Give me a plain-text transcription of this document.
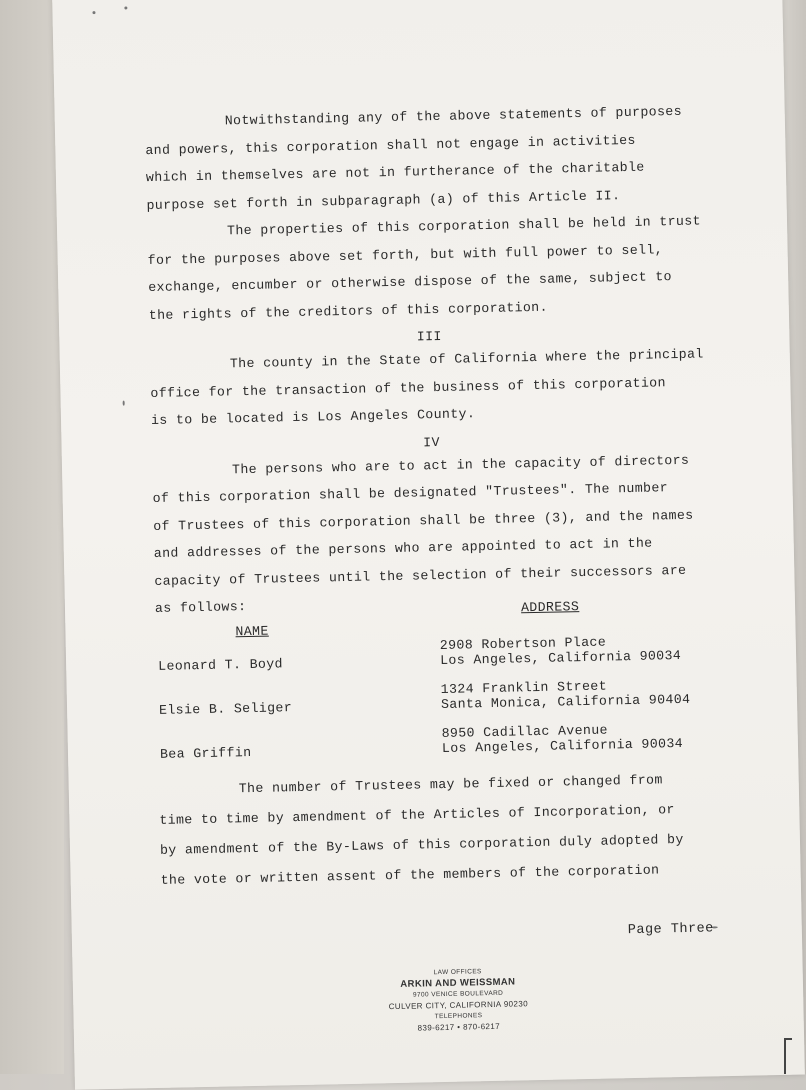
Notwithstanding any of the above statements of purposes
and powers, this corporation shall not engage in activities
which in themselves are not in furtherance of the charitable
purpose set forth in subparagraph (a) of this Article II.
The properties of this corporation shall be held in trust
for the purposes above set forth, but with full power to sell,
exchange, encumber or otherwise dispose of the same, subject to
the rights of the creditors of this corporation.
III
The county in the State of California where the principal
office for the transaction of the business of this corporation
is to be located is Los Angeles County.
IV
The persons who are to act in the capacity of directors
of this corporation shall be designated "Trustees". The number
of Trustees of this corporation shall be three (3), and the names
and addresses of the persons who are appointed to act in the
capacity of Trustees until the selection of their successors are
as follows:
NAME
ADDRESS
Leonard T. Boyd
2908 Robertson Place
Los Angeles, California 90034
Elsie B. Seliger
1324 Franklin Street
Santa Monica, California 90404
Bea Griffin
8950 Cadillac Avenue
Los Angeles, California 90034
The number of Trustees may be fixed or changed from
time to time by amendment of the Articles of Incorporation, or
by amendment of the By-Laws of this corporation duly adopted by
the vote or written assent of the members of the corporation
Page Three
LAW OFFICES
ARKIN AND WEISSMAN
9700 VENICE BOULEVARD
CULVER CITY, CALIFORNIA 90230
TELEPHONES
839-6217 • 870-6217
